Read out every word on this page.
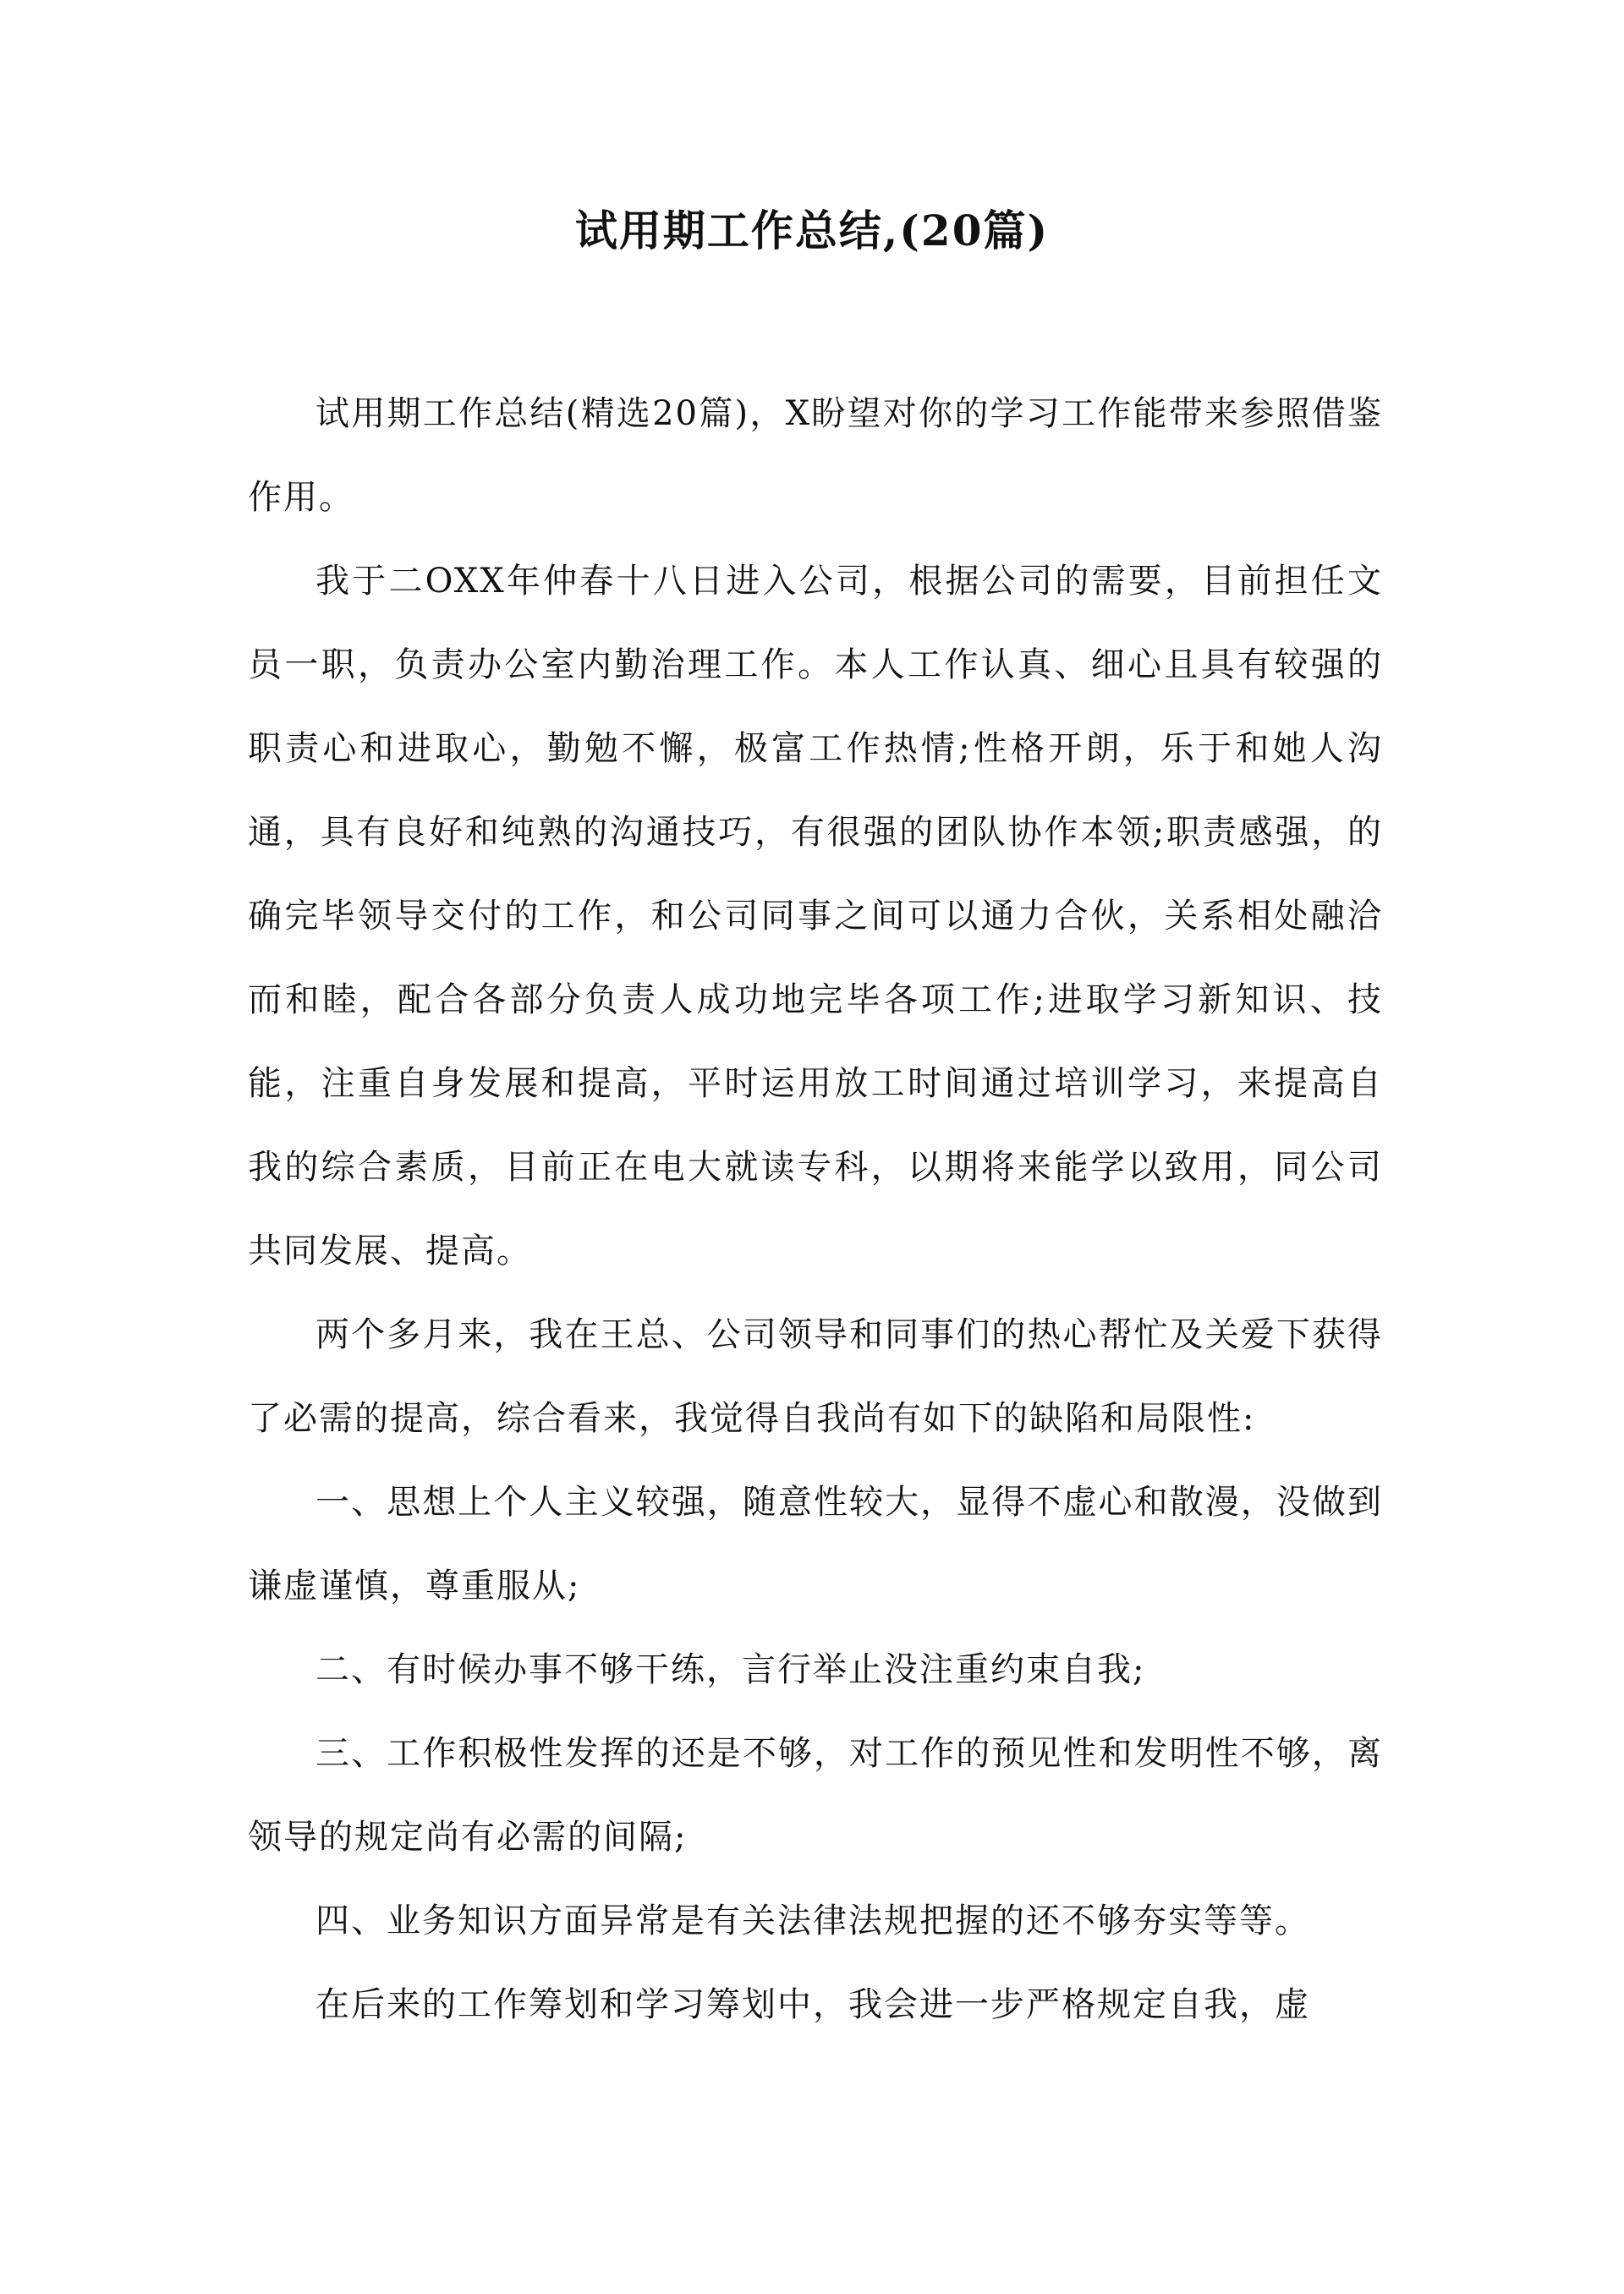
试用期工作总结,(20篇)

试用期工作总结(精选20篇)，X盼望对你的学习工作能带来参照借鉴作用。

我于二OXX年仲春十八日进入公司，根据公司的需要，目前担任文员一职，负责办公室内勤治理工作。本人工作认真、细心且具有较强的职责心和进取心，勤勉不懈，极富工作热情;性格开朗，乐于和她人沟通，具有良好和纯熟的沟通技巧，有很强的团队协作本领;职责感强，的确完毕领导交付的工作，和公司同事之间可以通力合伙，关系相处融洽而和睦，配合各部分负责人成功地完毕各项工作;进取学习新知识、技能，注重自身发展和提高，平时运用放工时间通过培训学习，来提高自我的综合素质，目前正在电大就读专科，以期将来能学以致用，同公司共同发展、提高。

两个多月来，我在王总、公司领导和同事们的热心帮忙及关爱下获得了必需的提高，综合看来，我觉得自我尚有如下的缺陷和局限性:

一、思想上个人主义较强，随意性较大，显得不虚心和散漫，没做到谦虚谨慎，尊重服从;

二、有时候办事不够干练，言行举止没注重约束自我;

三、工作积极性发挥的还是不够，对工作的预见性和发明性不够，离领导的规定尚有必需的间隔;

四、业务知识方面异常是有关法律法规把握的还不够夯实等等。

在后来的工作筹划和学习筹划中，我会进一步严格规定自我，虚
